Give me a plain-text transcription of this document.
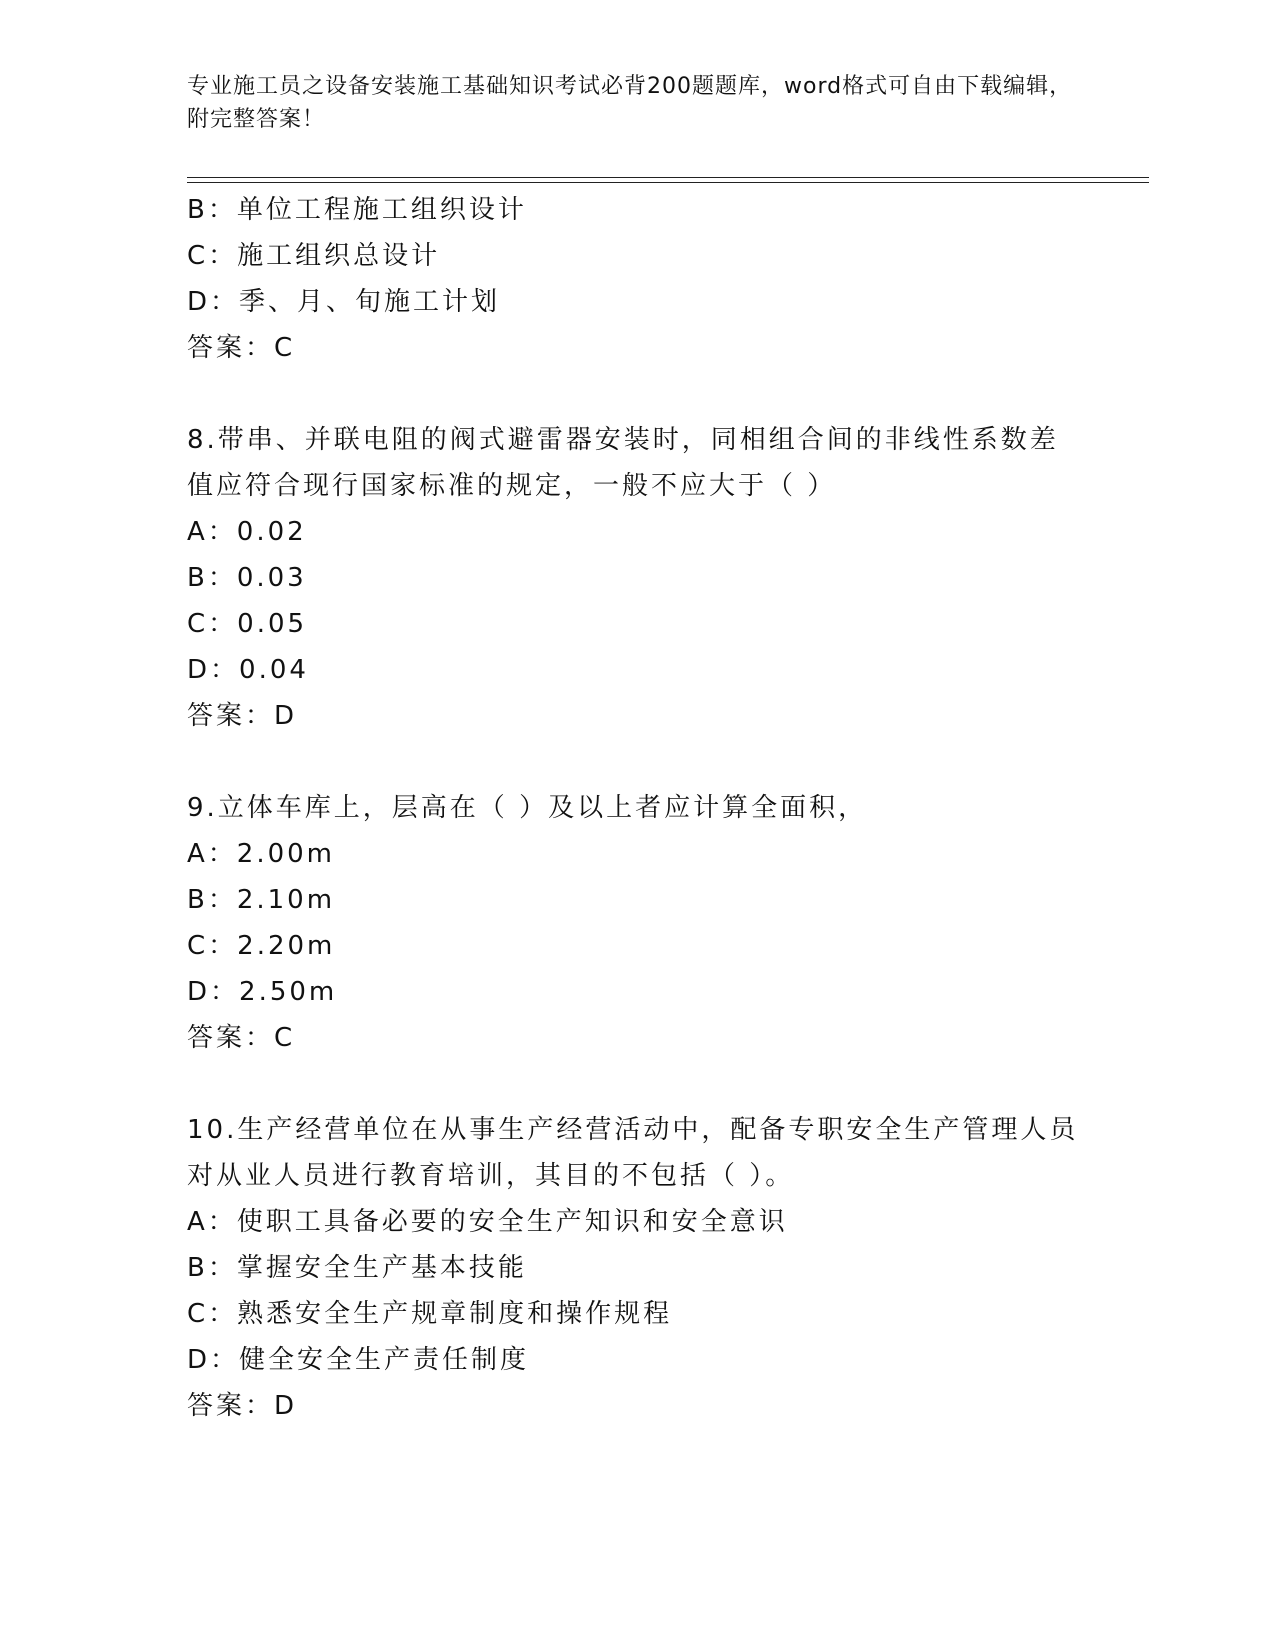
专业施工员之设备安装施工基础知识考试必背200题题库，word格式可自由下载编辑，附完整答案！
B：单位工程施工组织设计
C：施工组织总设计
D：季、月、旬施工计划
答案：C
8.带串、并联电阻的阀式避雷器安装时，同相组合间的非线性系数差
值应符合现行国家标准的规定，一般不应大于（ ）
A：0.02
B：0.03
C：0.05
D：0.04
答案：D
9.立体车库上，层高在（ ）及以上者应计算全面积，
A：2.00m
B：2.10m
C：2.20m
D：2.50m
答案：C
10.生产经营单位在从事生产经营活动中，配备专职安全生产管理人员
对从业人员进行教育培训，其目的不包括（ ）。
A：使职工具备必要的安全生产知识和安全意识
B：掌握安全生产基本技能
C：熟悉安全生产规章制度和操作规程
D：健全安全生产责任制度
答案：D
